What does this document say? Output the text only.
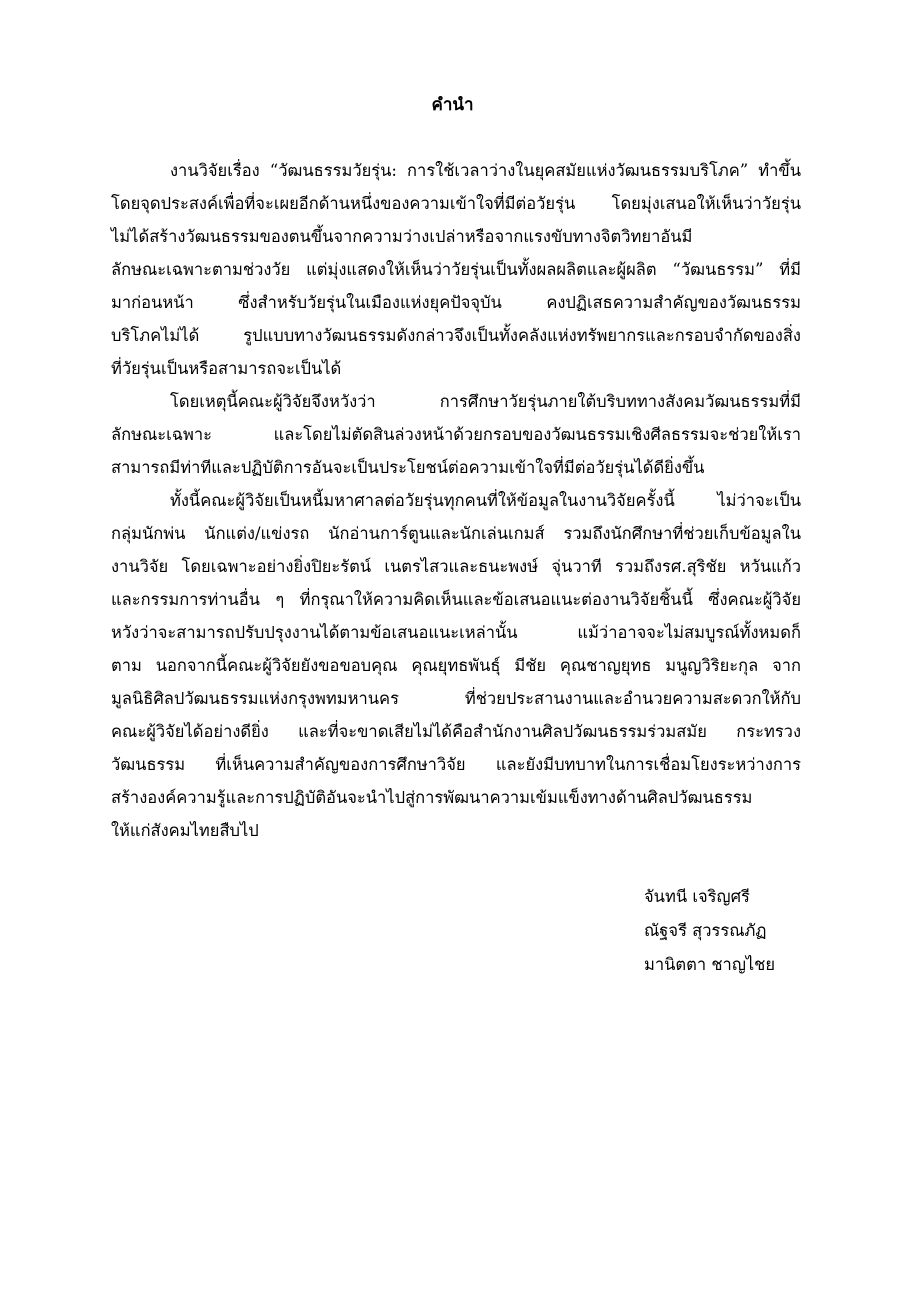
คำนำ
งานวิจัยเรื่อง “วัฒนธรรมวัยรุ่น: การใช้เวลาว่างในยุคสมัยแห่งวัฒนธรรมบริโภค” ทำขึ้น
โดยจุดประสงค์เพื่อที่จะเผยอีกด้านหนึ่งของความเข้าใจที่มีต่อวัยรุ่น โดยมุ่งเสนอให้เห็นว่าวัยรุ่น
ไม่ได้สร้างวัฒนธรรมของตนขึ้นจากความว่างเปล่าหรือจากแรงขับทางจิตวิทยาอันมี
ลักษณะเฉพาะตามช่วงวัย แต่มุ่งแสดงให้เห็นว่าวัยรุ่นเป็นทั้งผลผลิตและผู้ผลิต “วัฒนธรรม” ที่มี
มาก่อนหน้า ซึ่งสำหรับวัยรุ่นในเมืองแห่งยุคปัจจุบัน คงปฏิเสธความสำคัญของวัฒนธรรม
บริโภคไม่ได้ รูปแบบทางวัฒนธรรมดังกล่าวจึงเป็นทั้งคลังแห่งทรัพยากรและกรอบจำกัดของสิ่ง
ที่วัยรุ่นเป็นหรือสามารถจะเป็นได้
โดยเหตุนี้คณะผู้วิจัยจึงหวังว่า การศึกษาวัยรุ่นภายใต้บริบททางสังคมวัฒนธรรมที่มี
ลักษณะเฉพาะ และโดยไม่ตัดสินล่วงหน้าด้วยกรอบของวัฒนธรรมเชิงศีลธรรมจะช่วยให้เรา
สามารถมีท่าทีและปฏิบัติการอันจะเป็นประโยชน์ต่อความเข้าใจที่มีต่อวัยรุ่นได้ดียิ่งขึ้น
ทั้งนี้คณะผู้วิจัยเป็นหนี้มหาศาลต่อวัยรุ่นทุกคนที่ให้ข้อมูลในงานวิจัยครั้งนี้ ไม่ว่าจะเป็น
กลุ่มนักพ่น นักแต่ง/แข่งรถ นักอ่านการ์ตูนและนักเล่นเกมส์ รวมถึงนักศึกษาที่ช่วยเก็บข้อมูลใน
งานวิจัย โดยเฉพาะอย่างยิ่งปิยะรัตน์ เนตรไสวและธนะพงษ์ จุ่นวาที รวมถึงรศ.สุริชัย หวันแก้ว
และกรรมการท่านอื่น ๆ ที่กรุณาให้ความคิดเห็นและข้อเสนอแนะต่องานวิจัยชิ้นนี้ ซึ่งคณะผู้วิจัย
หวังว่าจะสามารถปรับปรุงงานได้ตามข้อเสนอแนะเหล่านั้น แม้ว่าอาจจะไม่สมบูรณ์ทั้งหมดก็
ตาม นอกจากนี้คณะผู้วิจัยยังขอขอบคุณ คุณยุทธพันธุ์ มีชัย คุณชาญยุทธ มนูญวิริยะกุล จาก
มูลนิธิศิลปวัฒนธรรมแห่งกรุงพทมหานคร ที่ช่วยประสานงานและอำนวยความสะดวกให้กับ
คณะผู้วิจัยได้อย่างดียิ่ง และที่จะขาดเสียไม่ได้คือสำนักงานศิลปวัฒนธรรมร่วมสมัย กระทรวง
วัฒนธรรม ที่เห็นความสำคัญของการศึกษาวิจัย และยังมีบทบาทในการเชื่อมโยงระหว่างการ
สร้างองค์ความรู้และการปฏิบัติอันจะนำไปสู่การพัฒนาความเข้มแข็งทางด้านศิลปวัฒนธรรม
ให้แก่สังคมไทยสืบไป
จันทนี เจริญศรี
ณัฐจรี สุวรรณภัฏ
มานิตตา ชาญไชย
